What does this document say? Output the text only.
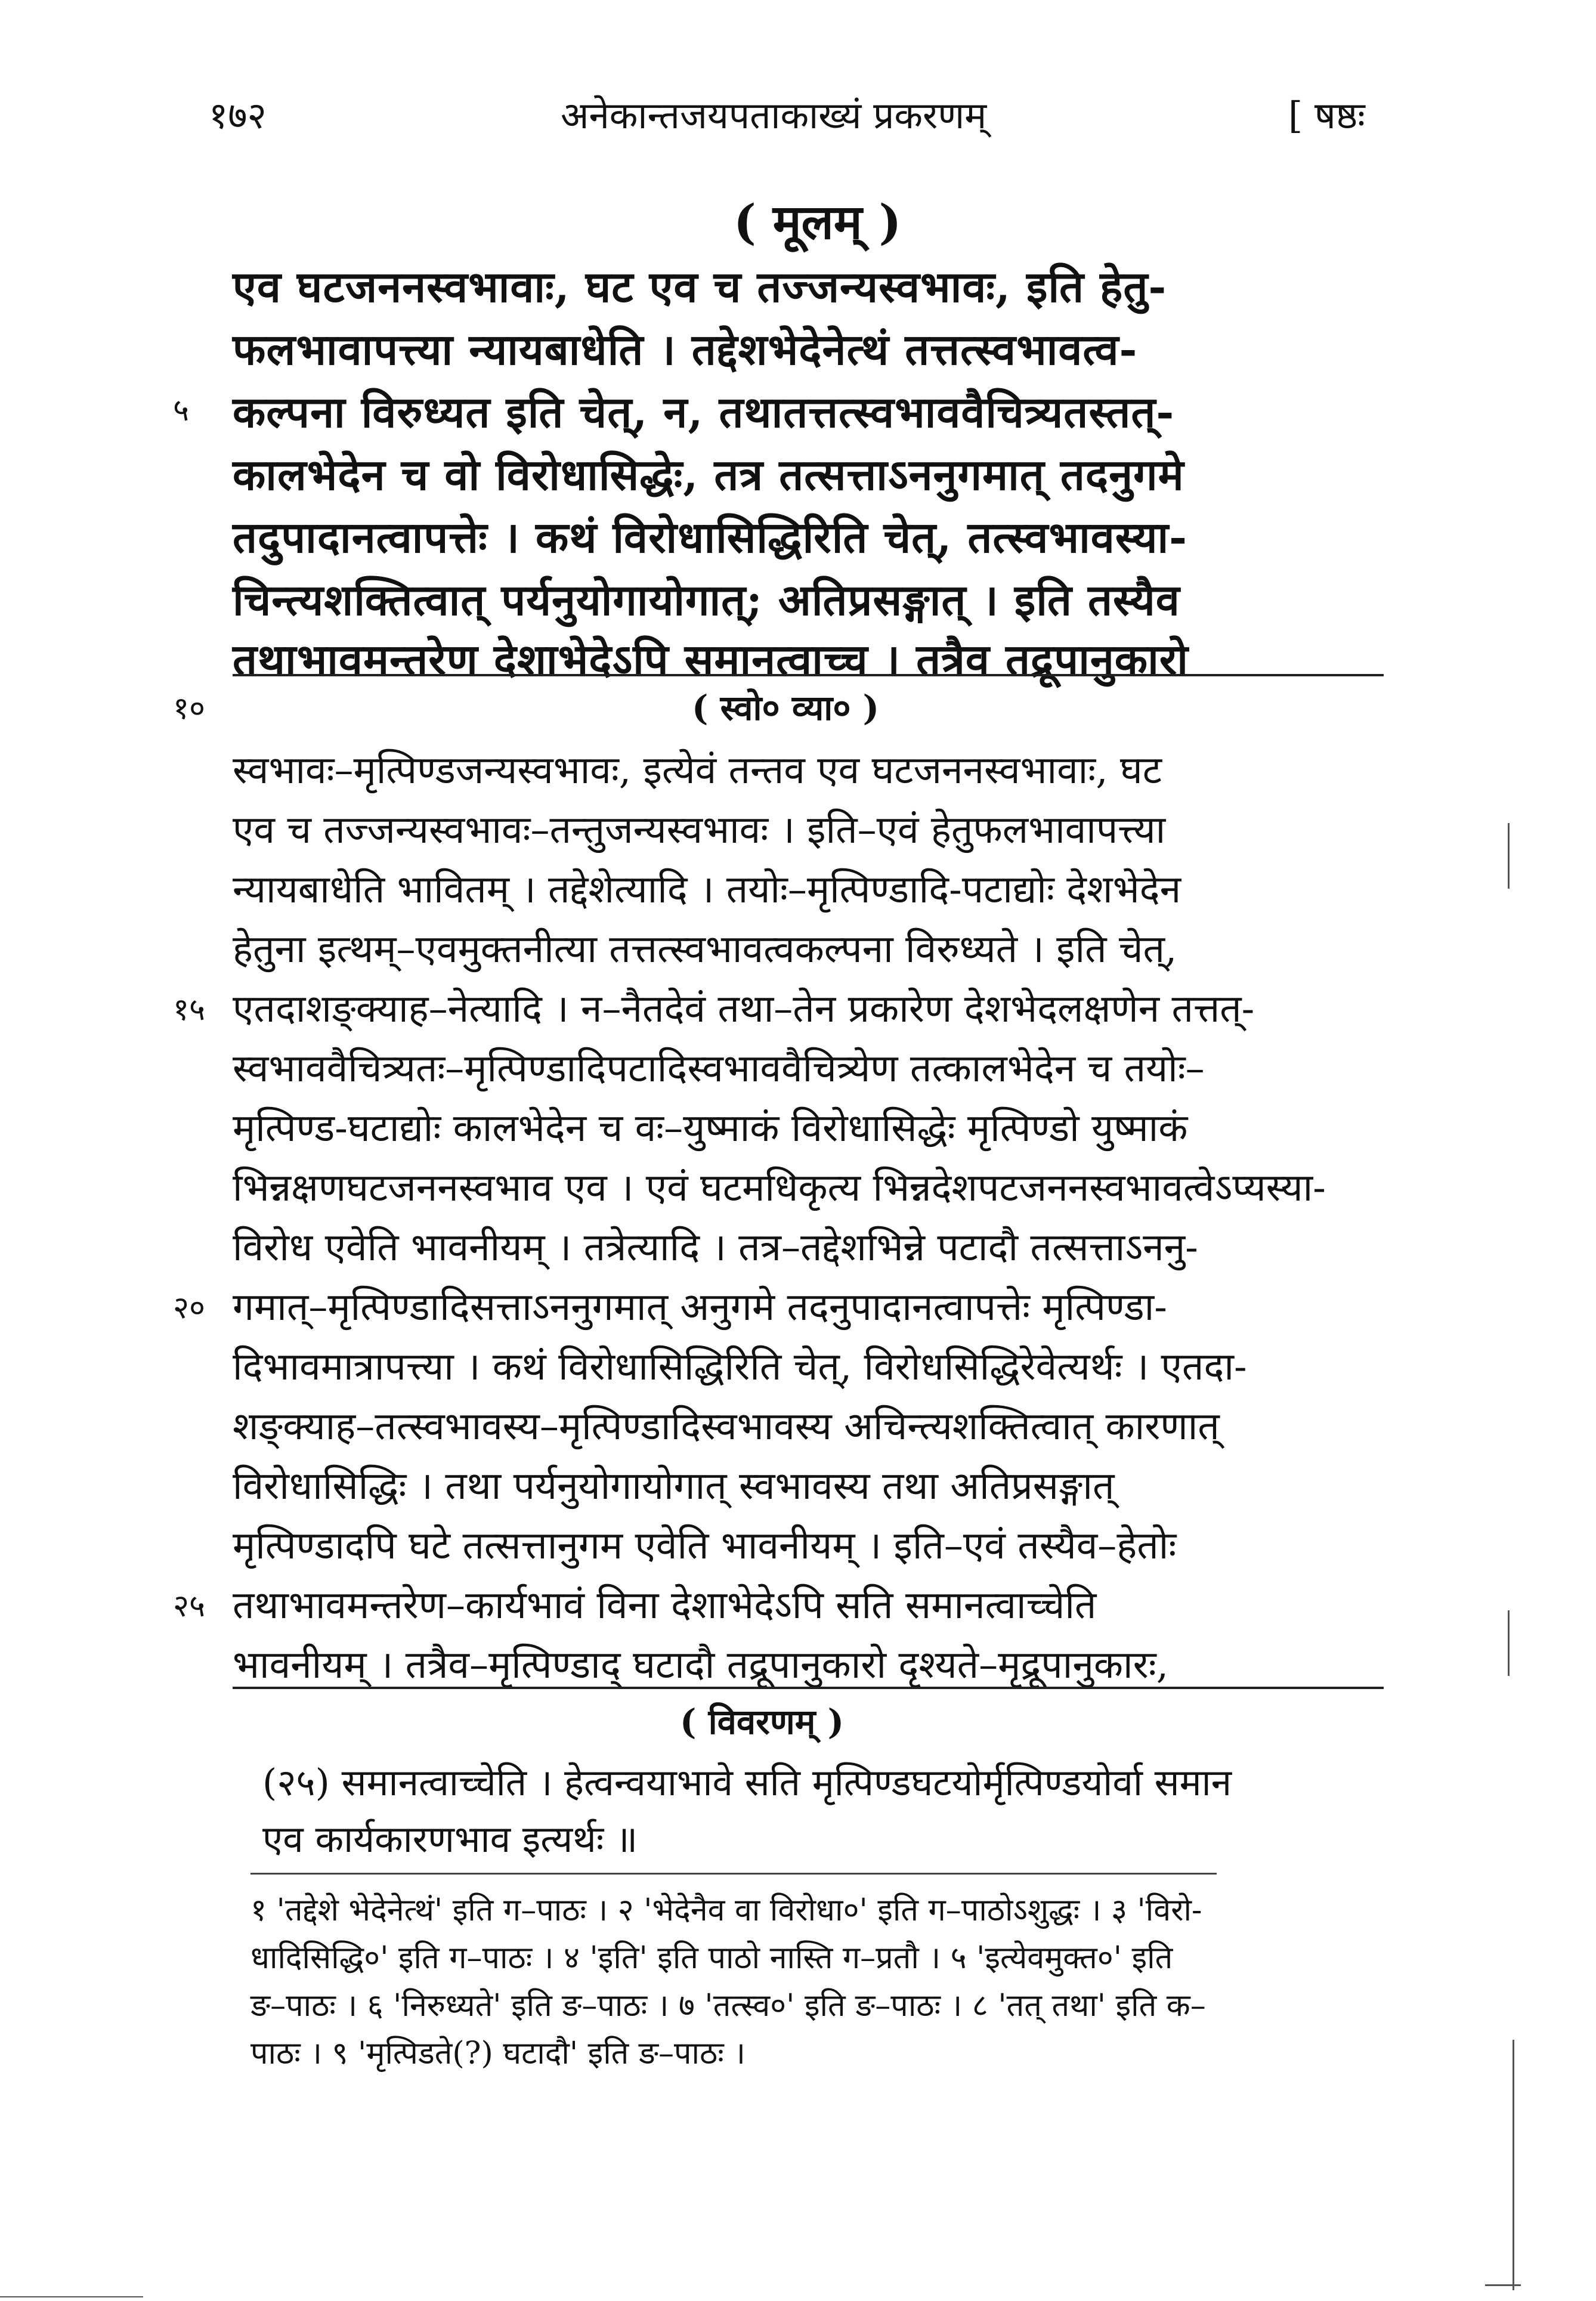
१७२	अनेकान्तजयपताकाख्यं प्रकरणम्	[ षष्ठः
( मूलम् )
एव घटजननस्वभावाः, घट एव च तज्जन्यस्वभावः, इति हेतु-
फलभावापत्त्या न्यायबाधेति । तद्देशभेदेनेत्थं तत्तत्स्वभावत्व-
कल्पना विरुध्यत इति चेत्, न, तथातत्तत्स्वभाववैचित्र्यतस्तत्-
कालभेदेन च वो विरोधासिद्धेः, तत्र तत्सत्ताऽननुगमात् तदनुगमे
तदुपादानत्वापत्तेः । कथं विरोधासिद्धिरिति चेत्, तत्स्वभावस्या-
चिन्त्यशक्तित्वात् पर्यनुयोगायोगात्; अतिप्रसङ्गात् । इति तस्यैव
तथाभावमन्तरेण देशाभेदेऽपि समानत्वाच्च । तत्रैव तद्रूपानुकारो
( स्वो० व्या० )
स्वभावः–मृत्पिण्डजन्यस्वभावः, इत्येवं तन्तव एव घटजननस्वभावाः, घट
एव च तज्जन्यस्वभावः–तन्तुजन्यस्वभावः । इति–एवं हेतुफलभावापत्त्या
न्यायबाधेति भावितम् । तद्देशेत्यादि । तयोः–मृत्पिण्डादि-पटाद्योः देशभेदेन
हेतुना इत्थम्–एवमुक्तनीत्या तत्तत्स्वभावत्वकल्पना विरुध्यते । इति चेत्,
एतदाशङ्क्याह–नेत्यादि । न–नैतदेवं तथा–तेन प्रकारेण देशभेदलक्षणेन तत्तत्-
स्वभाववैचित्र्यतः–मृत्पिण्डादिपटादिस्वभाववैचित्र्येण तत्कालभेदेन च तयोः–
मृत्पिण्ड-घटाद्योः कालभेदेन च वः–युष्माकं विरोधासिद्धेः मृत्पिण्डो युष्माकं
भिन्नक्षणघटजननस्वभाव एव । एवं घटमधिकृत्य भिन्नदेशपटजननस्वभावत्वेऽप्यस्या-
विरोध एवेति भावनीयम् । तत्रेत्यादि । तत्र–तद्देशभिन्ने पटादौ तत्सत्ताऽननु-
गमात्–मृत्पिण्डादिसत्ताऽननुगमात् अनुगमे तदनुपादानत्वापत्तेः मृत्पिण्डा-
दिभावमात्रापत्त्या । कथं विरोधासिद्धिरिति चेत्, विरोधसिद्धिरेवेत्यर्थः । एतदा-
शङ्क्याह–तत्स्वभावस्य–मृत्पिण्डादिस्वभावस्य अचिन्त्यशक्तित्वात् कारणात्
विरोधासिद्धिः । तथा पर्यनुयोगायोगात् स्वभावस्य तथा अतिप्रसङ्गात्
मृत्पिण्डादपि घटे तत्सत्तानुगम एवेति भावनीयम् । इति–एवं तस्यैव–हेतोः
तथाभावमन्तरेण–कार्यभावं विना देशाभेदेऽपि सति समानत्वाच्चेति
भावनीयम् । तत्रैव–मृत्पिण्डाद् घटादौ तद्रूपानुकारो दृश्यते–मृद्रूपानुकारः,
( विवरणम् )
(२५) समानत्वाच्चेति । हेत्वन्वयाभावे सति मृत्पिण्डघटयोर्मृत्पिण्डयोर्वा समान
एव कार्यकारणभाव इत्यर्थः ॥
१ 'तद्देशे भेदेनेत्थं' इति ग–पाठः । २ 'भेदेनैव वा विरोधा०' इति ग–पाठोऽशुद्धः । ३ 'विरो-
धादिसिद्धि०' इति ग–पाठः । ४ 'इति' इति पाठो नास्ति ग–प्रतौ । ५ 'इत्येवमुक्त०' इति
ङ–पाठः । ६ 'निरुध्यते' इति ङ–पाठः । ७ 'तत्स्व०' इति ङ–पाठः । ८ 'तत् तथा' इति क–
पाठः । ९ 'मृत्पिडते(?) घटादौ' इति ङ–पाठः ।
५
१०
१५
२०
२५
